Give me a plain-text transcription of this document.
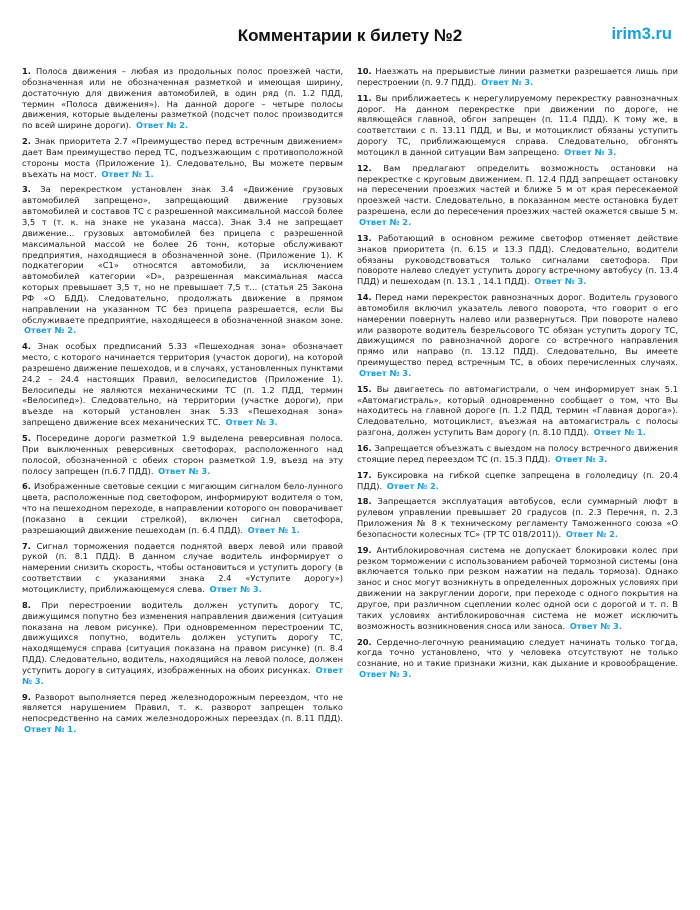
Комментарии к билету №2	irim3.ru

1. Полоса движения – любая из продольных полос проезжей части, обозначенная или не обозначенная разметкой и имеющая ширину, достаточную для движения автомобилей, в один ряд (п. 1.2 ПДД, термин «Полоса движения»). На данной дороге – четыре полосы движения, которые выделены разметкой (подсчет полос производится по всей ширине дороги). Ответ № 2.

2. Знак приоритета 2.7 «Преимущество перед встречным движением» дает Вам преимущество перед ТС, подъезжающим с противоположной стороны моста (Приложение 1). Следовательно, Вы можете первым въехать на мост. Ответ № 1.

3. За перекрестком установлен знак 3.4 «Движение грузовых автомобилей запрещено», запрещающий движение грузовых автомобилей и составов ТС с разрешенной максимальной массой более 3,5 т (т. к. на знаке не указана масса). Знак 3.4 не запрещает движение... грузовых автомобилей без прицепа с разрешенной максимальной массой не более 26 тонн, которые обслуживают предприятия, находящиеся в обозначенной зоне. (Приложение 1). К подкатегории «С1» относятся автомобили, за исключением автомобилей категории «D», разрешенная максимальная масса которых превышает 3,5 т, но не превышает 7,5 т... (статья 25 Закона РФ «О БДД). Следовательно, продолжать движение в прямом направлении на указанном ТС без прицепа разрешается, если Вы обслуживаете предприятие, находящееся в обозначенной знаком зоне. Ответ № 2.

4. Знак особых предписаний 5.33 «Пешеходная зона» обозначает место, с которого начинается территория (участок дороги), на которой разрешено движение пешеходов, и в случаях, установленных пунктами 24.2 – 24.4 настоящих Правил, велосипедистов (Приложение 1). Велосипеды не являются механическими ТС (п. 1.2 ПДД, термин «Велосипед»). Следовательно, на территории (участке дороги), при въезде на который установлен знак 5.33 «Пешеходная зона» запрещено движение всех механических ТС. Ответ № 3.

5. Посередине дороги разметкой 1.9 выделена реверсивная полоса. При выключенных реверсивных светофорах, расположенного над полосой, обозначенной с обеих сторон разметкой 1.9, въезд на эту полосу запрещен (п.6.7 ПДД). Ответ № 3.

6. Изображенные световые секции с мигающим сигналом бело-лунного цвета, расположенные под светофором, информируют водителя о том, что на пешеходном переходе, в направлении которого он поворачивает (показано в секции стрелкой), включен сигнал светофора, разрешающий движение пешеходам (п. 6.4 ПДД). Ответ № 1.

7. Сигнал торможения подается поднятой вверх левой или правой рукой (п. 8.1 ПДД). В данном случае водитель информирует о намерении снизить скорость, чтобы остановиться и уступить дорогу (в соответствии с указаниями знака 2.4 «Уступите дорогу») мотоциклисту, приближающемуся слева. Ответ № 3.

8. При перестроении водитель должен уступить дорогу ТС, движущимся попутно без изменения направления движения (ситуация показана на левом рисунке). При одновременном перестроении ТС, движущихся попутно, водитель должен уступить дорогу ТС, находящемуся справа (ситуация показана на правом рисунке) (п. 8.4 ПДД). Следовательно, водитель, находящийся на левой полосе, должен уступить дорогу в ситуациях, изображенных на обоих рисунках. Ответ № 3.

9. Разворот выполняется перед железнодорожным переездом, что не является нарушением Правил, т. к. разворот запрещен только непосредственно на самих железнодорожных переездах (п. 8.11 ПДД). Ответ № 1.

10. Наезжать на прерывистые линии разметки разрешается лишь при перестроении (п. 9.7 ПДД). Ответ № 3.

11. Вы приближаетесь к нерегулируемому перекрестку равнозначных дорог. На данном перекрестке при движении по дороге, не являющейся главной, обгон запрещен (п. 11.4 ПДД). К тому же, в соответствии с п. 13.11 ПДД, и Вы, и мотоциклист обязаны уступить дорогу ТС, приближающемуся справа. Следовательно, обгонять мотоцикл в данной ситуации Вам запрещено. Ответ № 3.

12. Вам предлагают определить возможность остановки на перекрестке с круговым движением. П. 12.4 ПДД запрещает остановку на пересечении проезжих частей и ближе 5 м от края пересекаемой проезжей части. Следовательно, в показанном месте остановка будет разрешена, если до пересечения проезжих частей окажется свыше 5 м. Ответ № 2.

13. Работающий в основном режиме светофор отменяет действие знаков приоритета (п. 6.15 и 13.3 ПДД). Следовательно, водители обязаны руководствоваться только сигналами светофора. При повороте налево следует уступить дорогу встречному автобусу (п. 13.4 ПДД) и пешеходам (п. 13.1 , 14.1 ПДД). Ответ № 3.

14. Перед нами перекресток равнозначных дорог. Водитель грузового автомобиля включил указатель левого поворота, что говорит о его намерении повернуть налево или развернуться. При повороте налево или развороте водитель безрельсового ТС обязан уступить дорогу ТС, движущимся по равнозначной дороге со встречного направления прямо или направо (п. 13.12 ПДД). Следовательно, Вы имеете преимущество перед встречным ТС, в обоих перечисленных случаях. Ответ № 3.

15. Вы двигаетесь по автомагистрали, о чем информирует знак 5.1 «Автомагистраль», который одновременно сообщает о том, что Вы находитесь на главной дороге (п. 1.2 ПДД, термин «Главная дорога»). Следовательно, мотоциклист, въезжая на автомагистраль с полосы разгона, должен уступить Вам дорогу (п. 8.10 ПДД). Ответ № 1.

16. Запрещается объезжать с выездом на полосу встречного движения стоящие перед переездом ТС (п. 15.3 ПДД). Ответ № 3.

17. Буксировка на гибкой сцепке запрещена в гололедицу (п. 20.4 ПДД). Ответ № 2.

18. Запрещается эксплуатация автобусов, если суммарный люфт в рулевом управлении превышает 20 градусов (п. 2.3 Перечня, п. 2.3 Приложения № 8 к техническому регламенту Таможенного союза «О безопасности колесных ТС» (ТР ТС 018/2011)). Ответ № 2.

19. Антиблокировочная система не допускает блокировки колес при резком торможении с использованием рабочей тормозной системы (она включается только при резком нажатии на педаль тормоза). Однако занос и снос могут возникнуть в определенных дорожных условиях при движении на закруглении дороги, при переходе с одного покрытия на другое, при различном сцеплении колес одной оси с дорогой и т. п. В таких условиях антиблокировочная система не может исключить возможность возникновения сноса или заноса. Ответ № 3.

20. Сердечно-легочную реанимацию следует начинать только тогда, когда точно установлено, что у человека отсутствуют не только сознание, но и такие признаки жизни, как дыхание и кровообращение. Ответ № 3.
